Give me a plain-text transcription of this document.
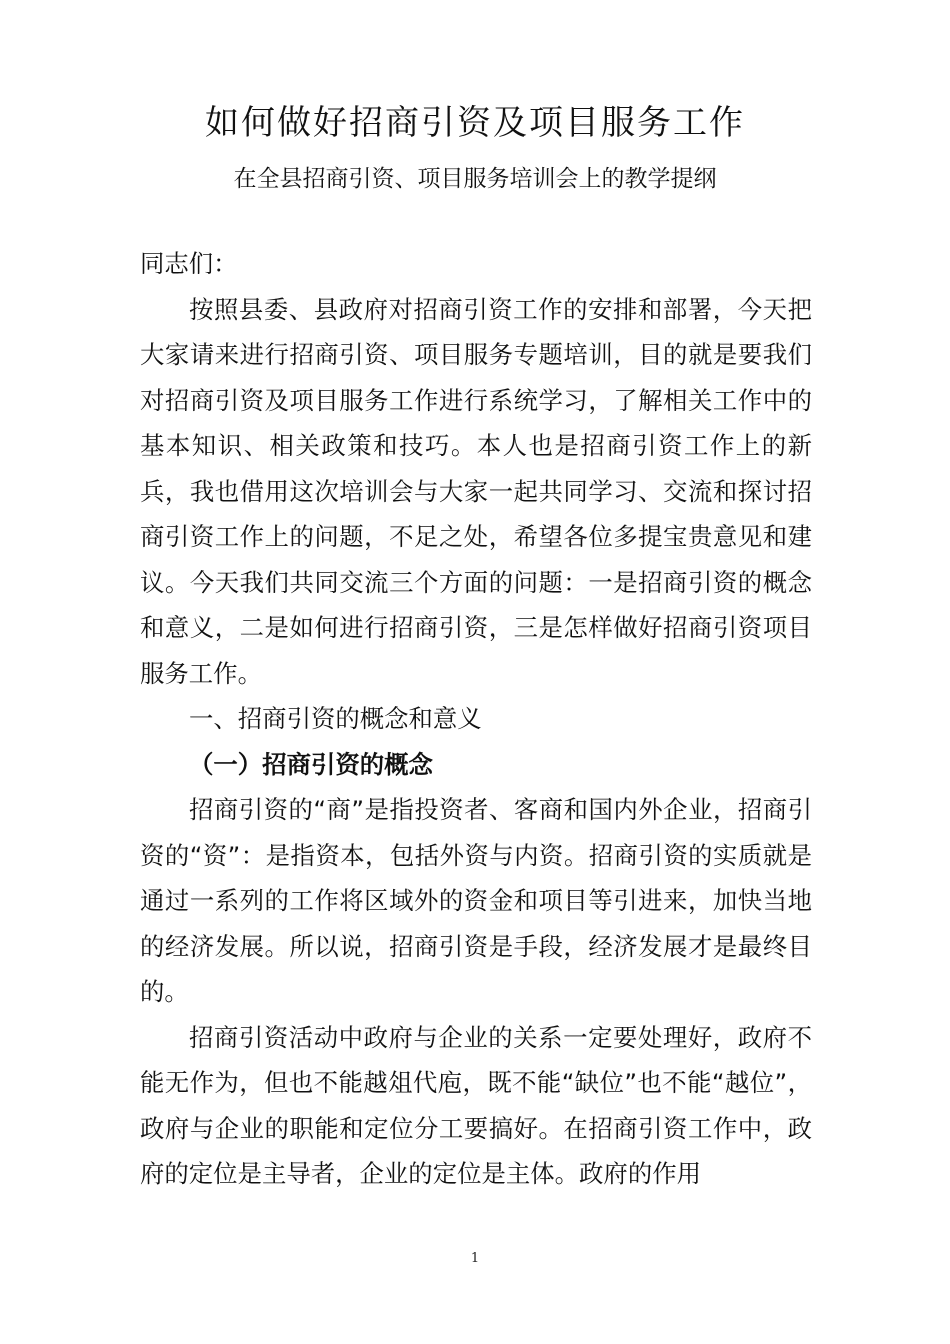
如何做好招商引资及项目服务工作
在全县招商引资、项目服务培训会上的教学提纲

同志们：

按照县委、县政府对招商引资工作的安排和部署，今天把大家请来进行招商引资、项目服务专题培训，目的就是要我们对招商引资及项目服务工作进行系统学习，了解相关工作中的基本知识、相关政策和技巧。本人也是招商引资工作上的新兵，我也借用这次培训会与大家一起共同学习、交流和探讨招商引资工作上的问题，不足之处，希望各位多提宝贵意见和建议。今天我们共同交流三个方面的问题：一是招商引资的概念和意义，二是如何进行招商引资，三是怎样做好招商引资项目服务工作。

一、招商引资的概念和意义

（一）招商引资的概念

招商引资的“商”是指投资者、客商和国内外企业，招商引资的“资”：是指资本，包括外资与内资。招商引资的实质就是通过一系列的工作将区域外的资金和项目等引进来，加快当地的经济发展。所以说，招商引资是手段，经济发展才是最终目的。

招商引资活动中政府与企业的关系一定要处理好，政府不能无作为，但也不能越俎代庖，既不能“缺位”也不能“越位”，政府与企业的职能和定位分工要搞好。在招商引资工作中，政府的定位是主导者，企业的定位是主体。政府的作用

1
